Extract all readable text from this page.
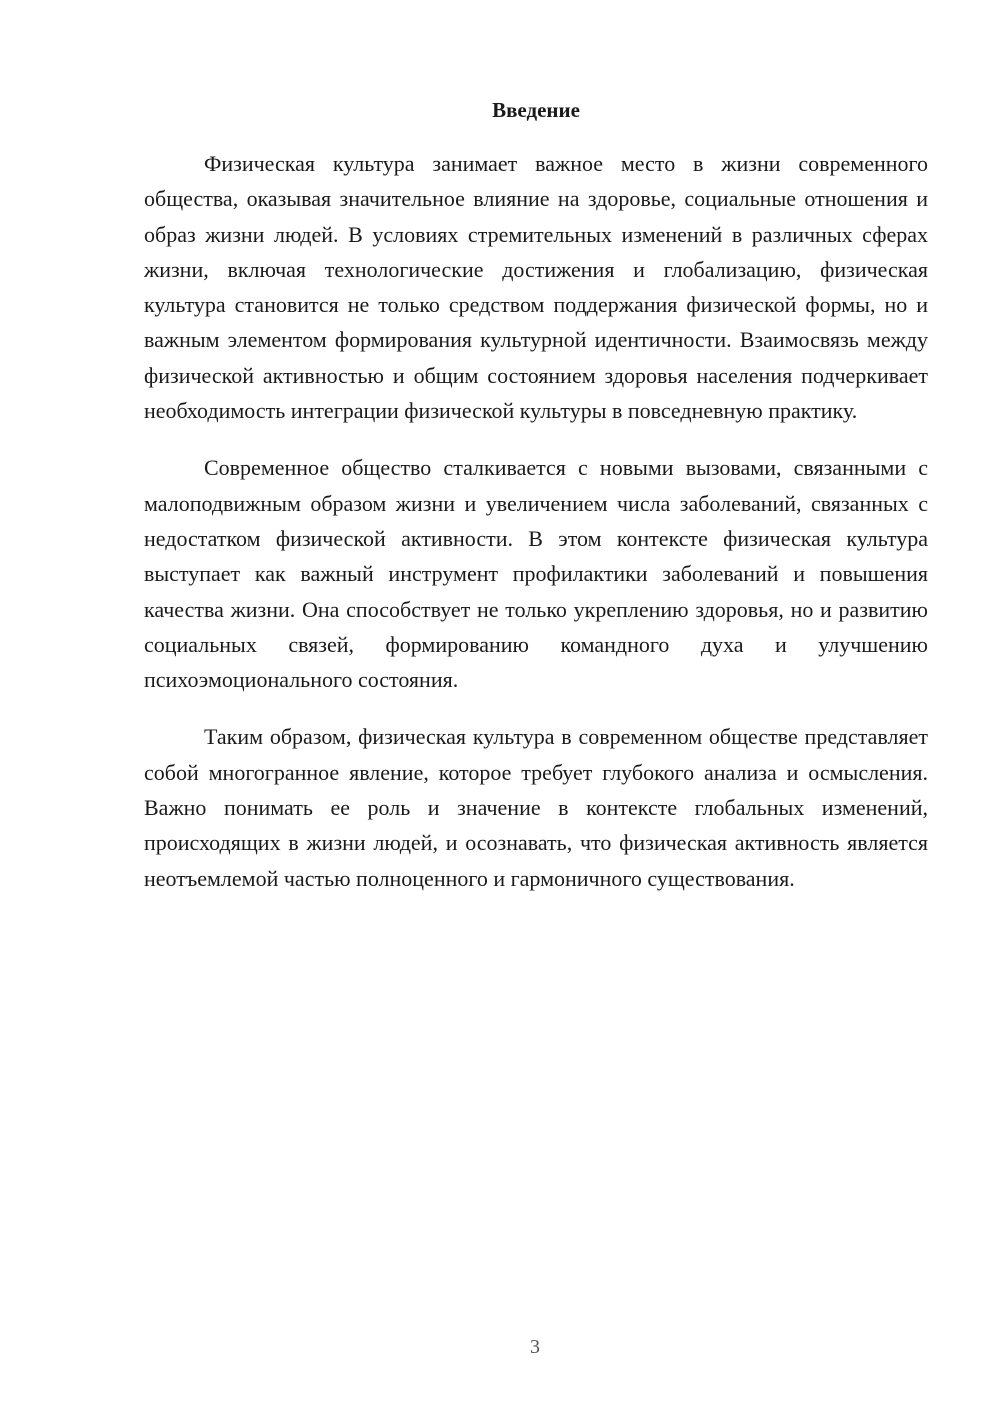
Введение

Физическая культура занимает важное место в жизни современного общества, оказывая значительное влияние на здоровье, социальные отношения и образ жизни людей. В условиях стремительных изменений в различных сферах жизни, включая технологические достижения и глобализацию, физическая культура становится не только средством поддержания физической формы, но и важным элементом формирования культурной идентичности. Взаимосвязь между физической активностью и общим состоянием здоровья населения подчеркивает необходимость интеграции физической культуры в повседневную практику.

Современное общество сталкивается с новыми вызовами, связанными с малоподвижным образом жизни и увеличением числа заболеваний, связанных с недостатком физической активности. В этом контексте физическая культура выступает как важный инструмент профилактики заболеваний и повышения качества жизни. Она способствует не только укреплению здоровья, но и развитию социальных связей, формированию командного духа и улучшению психоэмоционального состояния.

Таким образом, физическая культура в современном обществе представляет собой многогранное явление, которое требует глубокого анализа и осмысления. Важно понимать ее роль и значение в контексте глобальных изменений, происходящих в жизни людей, и осознавать, что физическая активность является неотъемлемой частью полноценного и гармоничного существования.

3
